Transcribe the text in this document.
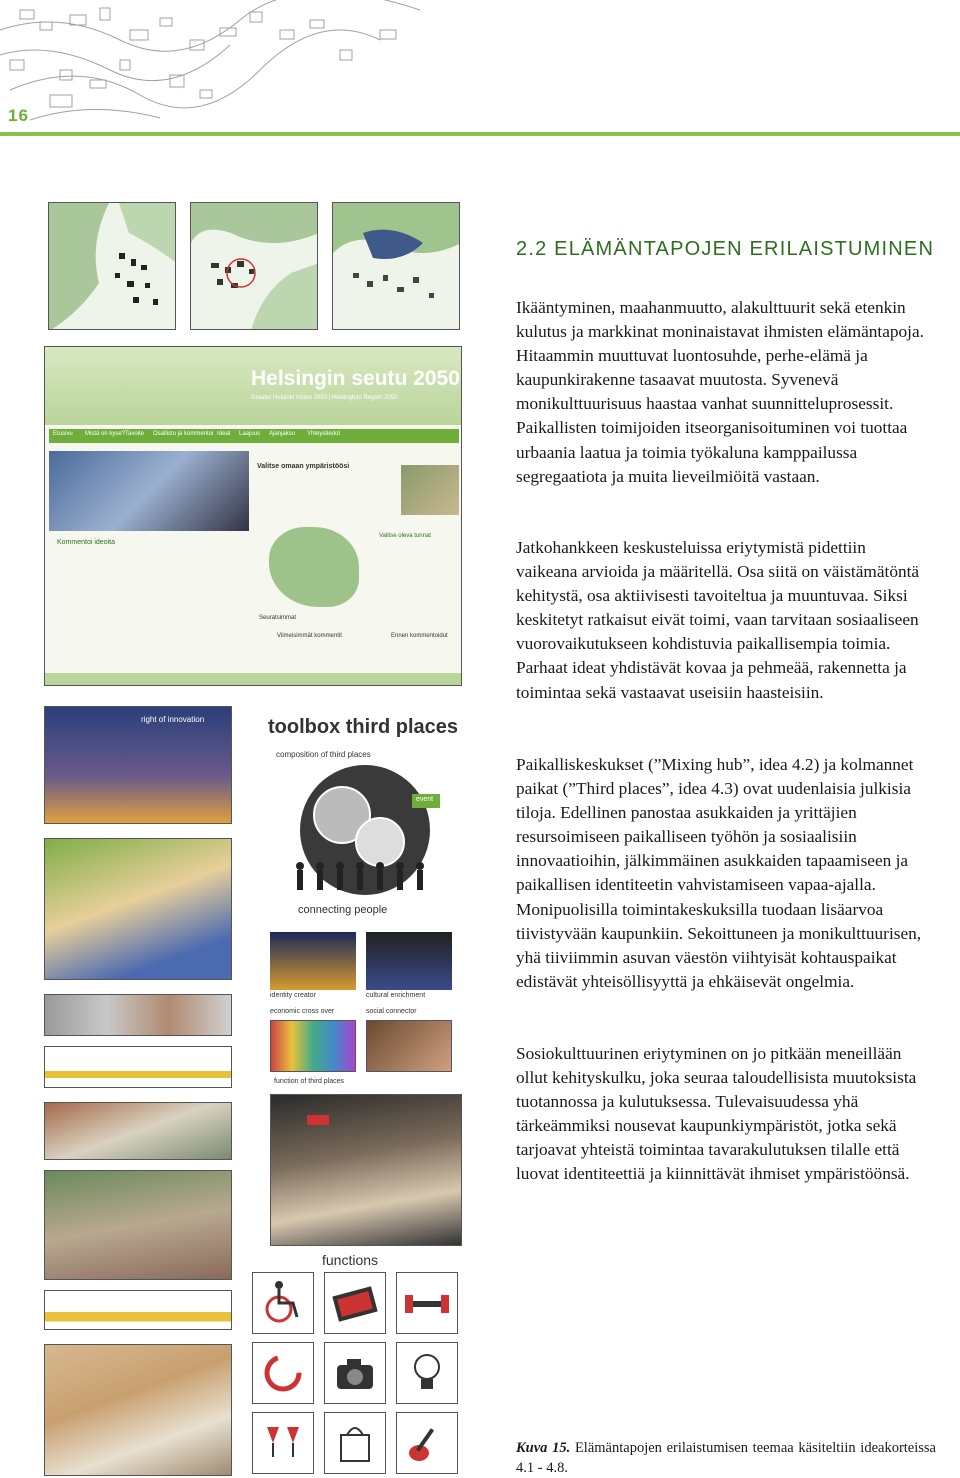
16
Helsingin seutu 2050
Greater Helsinki Vision 2050 | Helsingfors Region 2050
Etusivu Mistä on kyse? Tavoite Osallistu ja kommentoi Ideat Laajuus Ajanjakso Yhteystiedot
Valitse omaan ympäristöösi
Kommentoi ideoita
Valitse oleva tunnat
Seuratsimmat
Viimeisimmät kommentit	Ennen kommentoidut
right of innovation	toolbox third places
composition of third places
event
connecting people
identity creator	cultural enrichment
economic cross over	social connector
function of third places
functions
2.2 ELÄMÄNTAPOJEN ERILAISTUMINEN
Ikääntyminen, maahanmuutto, alakulttuurit sekä etenkin kulutus ja markkinat moninaistavat ihmisten elämäntapoja. Hitaammin muuttuvat luontosuhde, perhe-elämä ja kaupunkirakenne tasaavat muutosta. Syvenevä monikulttuurisuus haastaa vanhat suunnitteluprosessit. Paikallisten toimijoiden itseorganisoituminen voi tuottaa urbaania laatua ja toimia työkaluna kamppailussa segregaatiota ja muita lieveilmiöitä vastaan.
Jatkohankkeen keskusteluissa eriytymistä pidettiin vaikeana arvioida ja määritellä. Osa siitä on väistämätöntä kehitystä, osa aktiivisesti tavoiteltua ja muuntuvaa. Siksi keskitetyt ratkaisut eivät toimi, vaan tarvitaan sosiaaliseen vuorovaikutukseen kohdistuvia paikallisempia toimia. Parhaat ideat yhdistävät kovaa ja pehmeää, rakennetta ja toimintaa sekä vastaavat useisiin haasteisiin.
Paikalliskeskukset (”Mixing hub”, idea 4.2) ja kolmannet paikat (”Third places”, idea 4.3) ovat uudenlaisia julkisia tiloja. Edellinen panostaa asukkaiden ja yrittäjien resursoimiseen paikalliseen työhön ja sosiaalisiin innovaatioihin, jälkimmäinen asukkaiden tapaamiseen ja paikallisen identiteetin vahvistamiseen vapaa-ajalla. Monipuolisilla toimintakeskuksilla tuodaan lisäarvoa tiivistyvään kaupunkiin. Sekoittuneen ja monikulttuurisen, yhä tiiviimmin asuvan väestön viihtyisät kohtauspaikat edistävät yhteisöllisyyttä ja ehkäisevät ongelmia.
Sosiokulttuurinen eriytyminen on jo pitkään meneillään ollut kehityskulku, joka seuraa taloudellisista muutoksista tuotannossa ja kulutuksessa. Tulevaisuudessa yhä tärkeämmiksi nousevat kaupunkiympäristöt, jotka sekä tarjoavat yhteistä toimintaa tavarakulutuksen tilalle että luovat identiteettiä ja kiinnittävät ihmiset ympäristöönsä.
Kuva 15. Elämäntapojen erilaistumisen teemaa käsiteltiin ideakorteissa 4.1 - 4.8.
